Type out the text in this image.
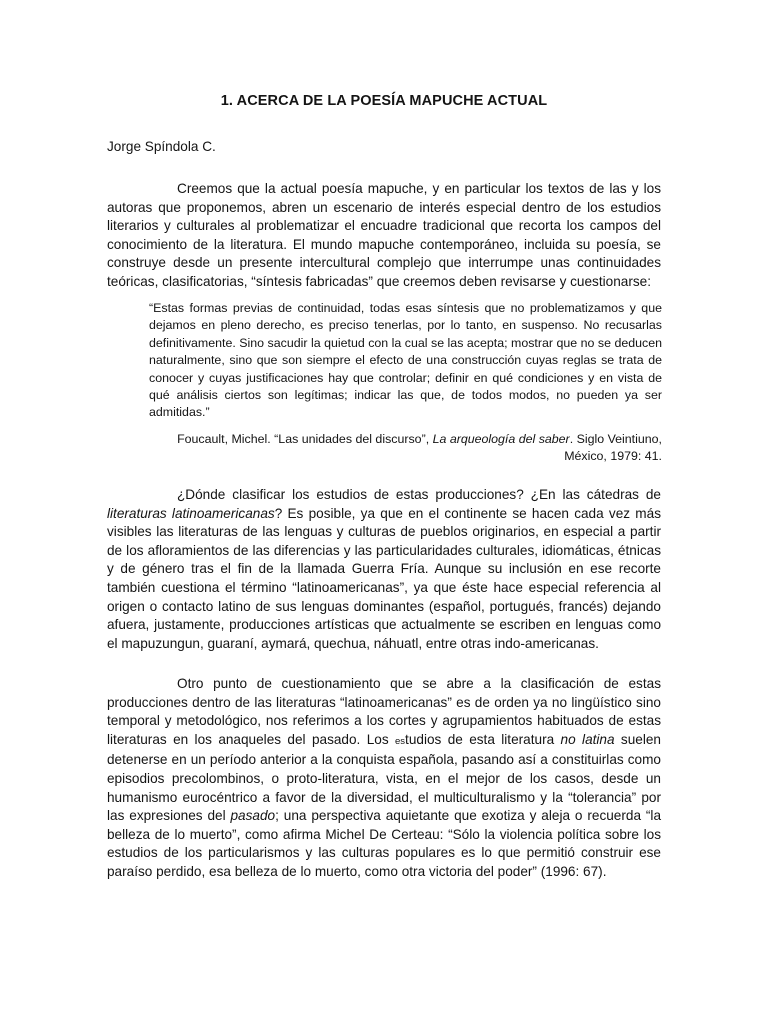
1. ACERCA DE LA POESÍA MAPUCHE ACTUAL
Jorge Spíndola C.

Creemos que la actual poesía mapuche, y en particular los textos de las y los autoras que proponemos, abren un escenario de interés especial dentro de los estudios literarios y culturales al problematizar el encuadre tradicional que recorta los campos del conocimiento de la literatura. El mundo mapuche contemporáneo, incluida su poesía, se construye desde un presente intercultural complejo que interrumpe unas continuidades teóricas, clasificatorias, “síntesis fabricadas” que creemos deben revisarse y cuestionarse:

“Estas formas previas de continuidad, todas esas síntesis que no problematizamos y que dejamos en pleno derecho, es preciso tenerlas, por lo tanto, en suspenso. No recusarlas definitivamente. Sino sacudir la quietud con la cual se las acepta; mostrar que no se deducen naturalmente, sino que son siempre el efecto de una construcción cuyas reglas se trata de conocer y cuyas justificaciones hay que controlar; definir en qué condiciones y en vista de qué análisis ciertos son legítimas; indicar las que, de todos modos, no pueden ya ser admitidas.”

Foucault, Michel. “Las unidades del discurso”, La arqueología del saber. Siglo Veintiuno, México, 1979: 41.

¿Dónde clasificar los estudios de estas producciones? ¿En las cátedras de literaturas latinoamericanas? Es posible, ya que en el continente se hacen cada vez más visibles las literaturas de las lenguas y culturas de pueblos originarios, en especial a partir de los afloramientos de las diferencias y las particularidades culturales, idiomáticas, étnicas y de género tras el fin de la llamada Guerra Fría. Aunque su inclusión en ese recorte también cuestiona el término “latinoamericanas”, ya que éste hace especial referencia al origen o contacto latino de sus lenguas dominantes (español, portugués, francés) dejando afuera, justamente, producciones artísticas que actualmente se escriben en lenguas como el mapuzungun, guaraní, aymará, quechua, náhuatl, entre otras indo-americanas.

Otro punto de cuestionamiento que se abre a la clasificación de estas producciones dentro de las literaturas “latinoamericanas” es de orden ya no lingüístico sino temporal y metodológico, nos referimos a los cortes y agrupamientos habituados de estas literaturas en los anaqueles del pasado. Los estudios de esta literatura no latina suelen detenerse en un período anterior a la conquista española, pasando así a constituirlas como episodios precolombinos, o proto-literatura, vista, en el mejor de los casos, desde un humanismo eurocéntrico a favor de la diversidad, el multiculturalismo y la “tolerancia” por las expresiones del pasado; una perspectiva aquietante que exotiza y aleja o recuerda “la belleza de lo muerto”, como afirma Michel De Certeau: “Sólo la violencia política sobre los estudios de los particularismos y las culturas populares es lo que permitió construir ese paraíso perdido, esa belleza de lo muerto, como otra victoria del poder” (1996: 67).
